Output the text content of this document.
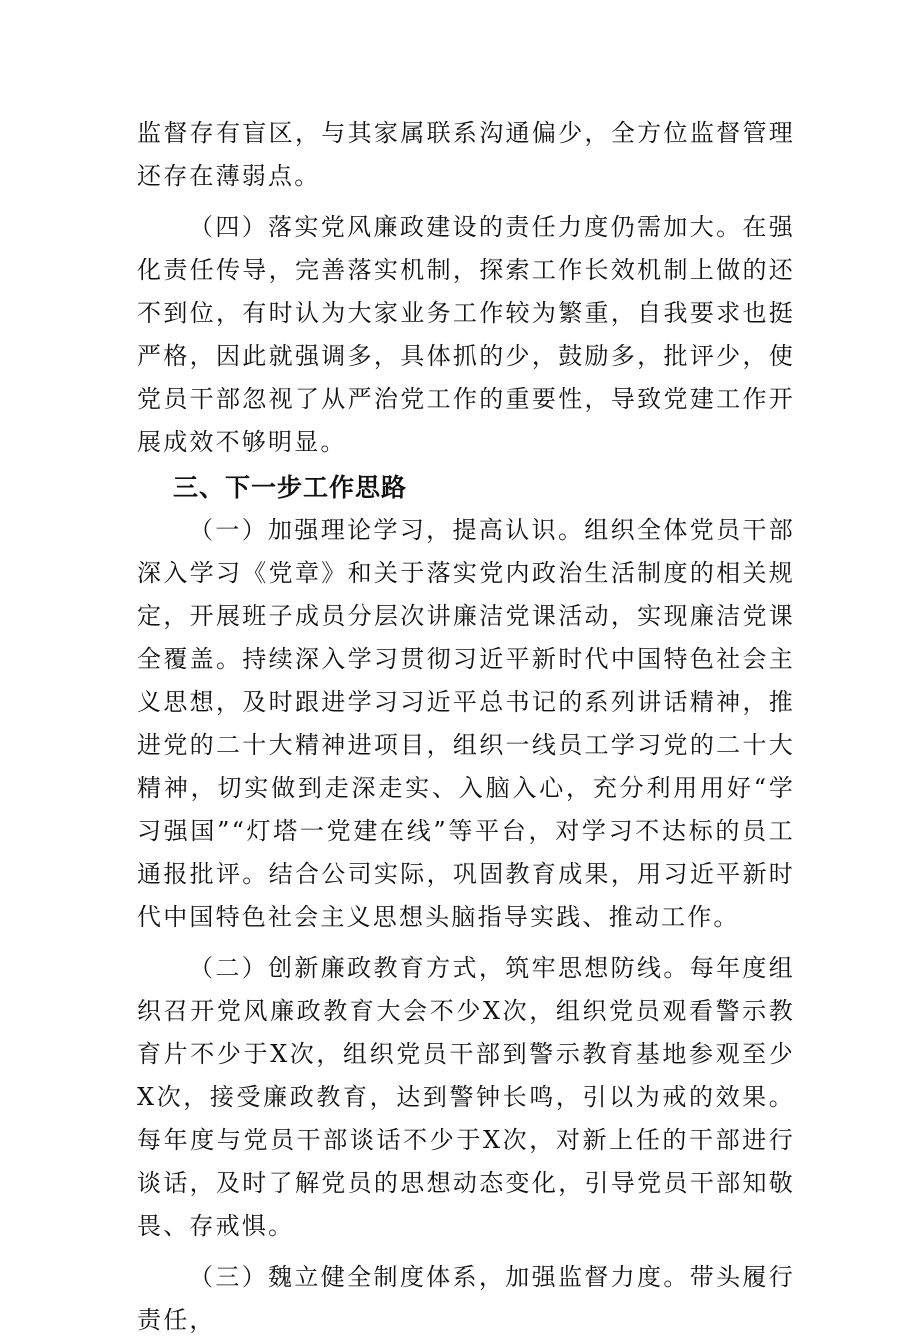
监督存有盲区，与其家属联系沟通偏少，全方位监督管理还存在薄弱点。

（四）落实党风廉政建设的责任力度仍需加大。在强化责任传导，完善落实机制，探索工作长效机制上做的还不到位，有时认为大家业务工作较为繁重，自我要求也挺严格，因此就强调多，具体抓的少，鼓励多，批评少，使党员干部忽视了从严治党工作的重要性，导致党建工作开展成效不够明显。

三、下一步工作思路

（一）加强理论学习，提高认识。组织全体党员干部深入学习《党章》和关于落实党内政治生活制度的相关规定，开展班子成员分层次讲廉洁党课活动，实现廉洁党课全覆盖。持续深入学习贯彻习近平新时代中国特色社会主义思想，及时跟进学习习近平总书记的系列讲话精神，推进党的二十大精神进项目，组织一线员工学习党的二十大精神，切实做到走深走实、入脑入心，充分利用用好“学习强国”“灯塔一党建在线”等平台，对学习不达标的员工通报批评。结合公司实际，巩固教育成果，用习近平新时代中国特色社会主义思想头脑指导实践、推动工作。

（二）创新廉政教育方式，筑牢思想防线。每年度组织召开党风廉政教育大会不少X次，组织党员观看警示教育片不少于X次，组织党员干部到警示教育基地参观至少X次，接受廉政教育，达到警钟长鸣，引以为戒的效果。每年度与党员干部谈话不少于X次，对新上任的干部进行谈话，及时了解党员的思想动态变化，引导党员干部知敬畏、存戒惧。

（三）魏立健全制度体系，加强监督力度。带头履行责任，
